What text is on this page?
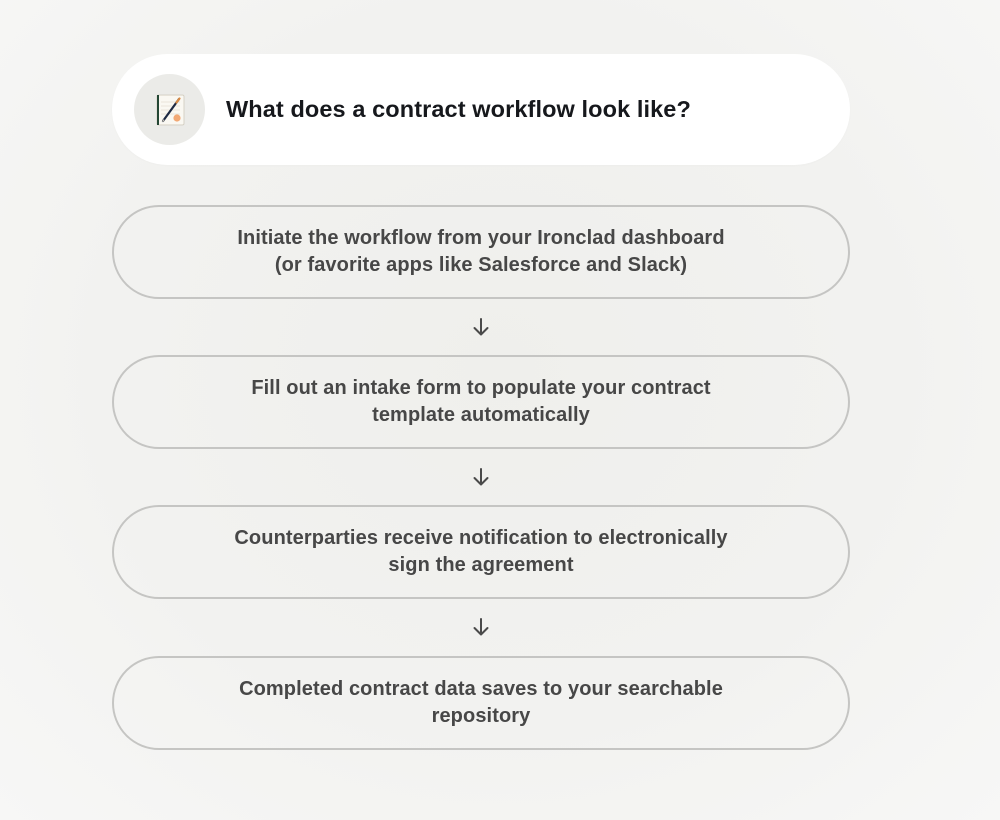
What does a contract workflow look like?
Initiate the workflow from your Ironclad dashboard
(or favorite apps like Salesforce and Slack)
Fill out an intake form to populate your contract
template automatically
Counterparties receive notification to electronically
sign the agreement
Completed contract data saves to your searchable
repository
